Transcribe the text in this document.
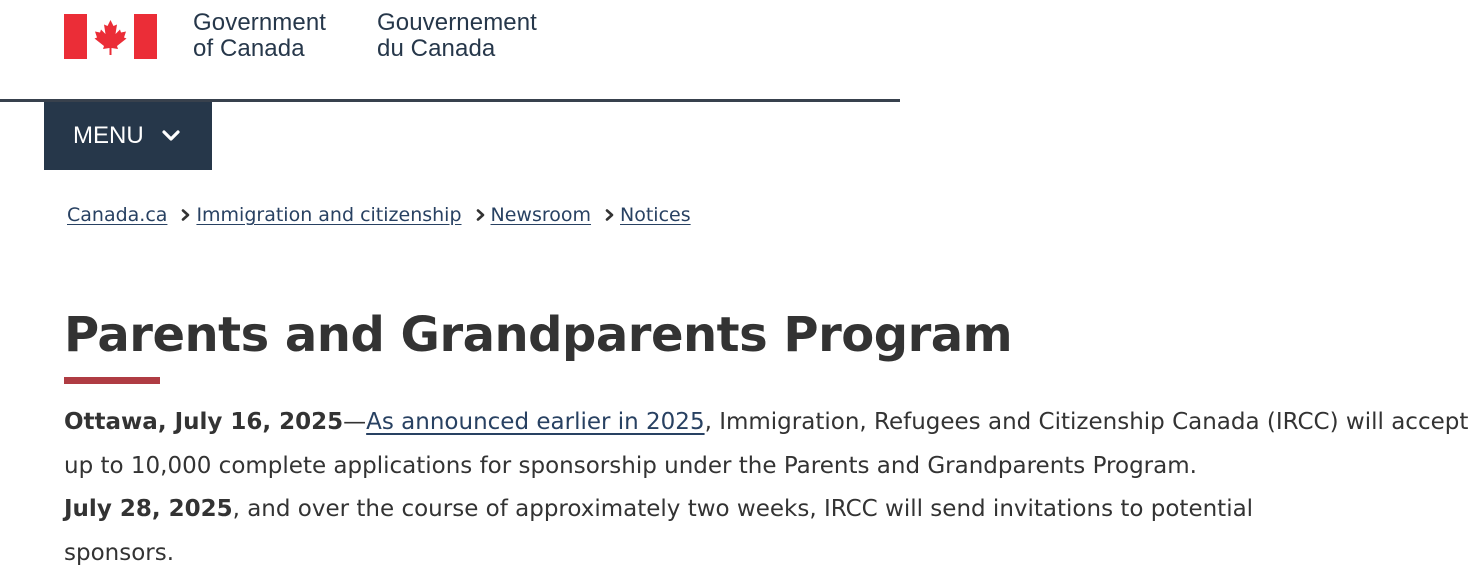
Government
of Canada
Gouvernement
du Canada
MENU
Canada.ca Immigration and citizenship Newsroom Notices
Parents and Grandparents Program

Ottawa, July 16, 2025—As announced earlier in 2025, Immigration, Refugees and Citizenship Canada (IRCC) will accept

up to 10,000 complete applications for sponsorship under the Parents and Grandparents Program.

July 28, 2025, and over the course of approximately two weeks, IRCC will send invitations to potential

sponsors.
